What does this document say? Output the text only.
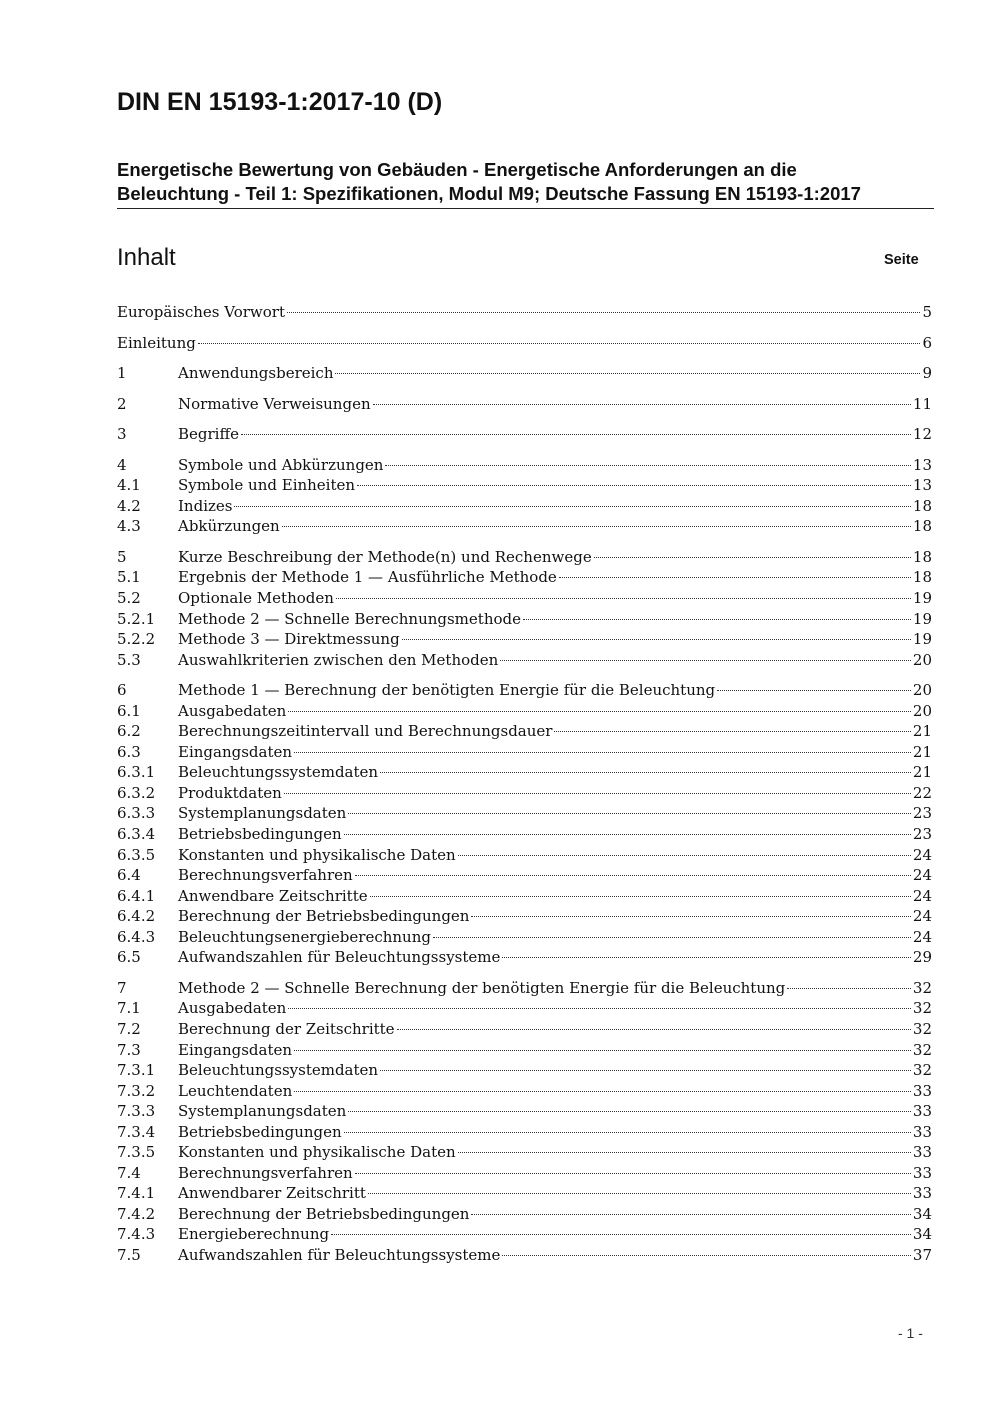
DIN EN 15193-1:2017-10 (D)
Energetische Bewertung von Gebäuden - Energetische Anforderungen an die
Beleuchtung - Teil 1: Spezifikationen, Modul M9; Deutsche Fassung EN 15193-1:2017
Inhalt	Seite
Europäisches Vorwort	5
Einleitung	6
1	Anwendungsbereich	9
2	Normative Verweisungen	11
3	Begriffe	12
4	Symbole und Abkürzungen	13
4.1	Symbole und Einheiten	13
4.2	Indizes	18
4.3	Abkürzungen	18
5	Kurze Beschreibung der Methode(n) und Rechenwege	18
5.1	Ergebnis der Methode 1 — Ausführliche Methode	18
5.2	Optionale Methoden	19
5.2.1	Methode 2 — Schnelle Berechnungsmethode	19
5.2.2	Methode 3 — Direktmessung	19
5.3	Auswahlkriterien zwischen den Methoden	20
6	Methode 1 — Berechnung der benötigten Energie für die Beleuchtung	20
6.1	Ausgabedaten	20
6.2	Berechnungszeitintervall und Berechnungsdauer	21
6.3	Eingangsdaten	21
6.3.1	Beleuchtungssystemdaten	21
6.3.2	Produktdaten	22
6.3.3	Systemplanungsdaten	23
6.3.4	Betriebsbedingungen	23
6.3.5	Konstanten und physikalische Daten	24
6.4	Berechnungsverfahren	24
6.4.1	Anwendbare Zeitschritte	24
6.4.2	Berechnung der Betriebsbedingungen	24
6.4.3	Beleuchtungsenergieberechnung	24
6.5	Aufwandszahlen für Beleuchtungssysteme	29
7	Methode 2 — Schnelle Berechnung der benötigten Energie für die Beleuchtung	32
7.1	Ausgabedaten	32
7.2	Berechnung der Zeitschritte	32
7.3	Eingangsdaten	32
7.3.1	Beleuchtungssystemdaten	32
7.3.2	Leuchtendaten	33
7.3.3	Systemplanungsdaten	33
7.3.4	Betriebsbedingungen	33
7.3.5	Konstanten und physikalische Daten	33
7.4	Berechnungsverfahren	33
7.4.1	Anwendbarer Zeitschritt	33
7.4.2	Berechnung der Betriebsbedingungen	34
7.4.3	Energieberechnung	34
7.5	Aufwandszahlen für Beleuchtungssysteme	37
- 1 -
